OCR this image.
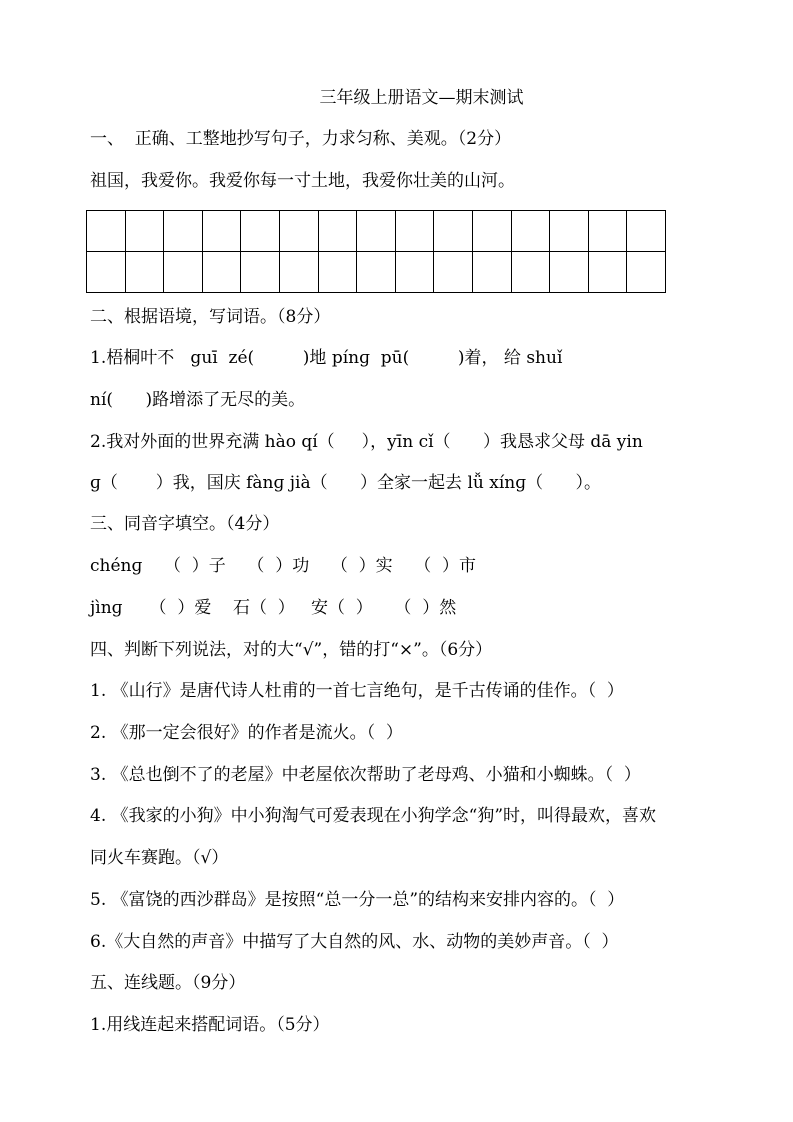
三年级上册语文—期末测试
一、  正确、工整地抄写句子，力求匀称、美观。（2分）
祖国，我爱你。我爱你每一寸土地，我爱你壮美的山河。

二、根据语境，写词语。（8分）
1.梧桐叶不   guī  zé(         )地 pínɡ  pū(         )着， 给 shuǐ
ní(      )路增添了无尽的美。
2.我对外面的世界充满 hào qí（     ），yīn cǐ（      ）我恳求父母 dā yin
ɡ（       ）我，国庆 fànɡ jià（      ）全家一起去 lǚ xínɡ（      ）。
三、同音字填空。（4分）
chénɡ    （  ）子    （  ）功    （  ）实    （  ）市
jìnɡ     （  ）爱    石（  ）   安（  ）    （  ）然
四、判断下列说法，对的大“√”，错的打“×”。（6分）
1. 《山行》是唐代诗人杜甫的一首七言绝句，是千古传诵的佳作。（  ）
2. 《那一定会很好》的作者是流火。（  ）
3. 《总也倒不了的老屋》中老屋依次帮助了老母鸡、小猫和小蜘蛛。（  ）
4. 《我家的小狗》中小狗淘气可爱表现在小狗学念“狗”时，叫得最欢，喜欢
同火车赛跑。（√）
5. 《富饶的西沙群岛》是按照“总一分一总”的结构来安排内容的。（  ）
6.《大自然的声音》中描写了大自然的风、水、动物的美妙声音。（  ）
五、连线题。（9分）
1.用线连起来搭配词语。（5分）
